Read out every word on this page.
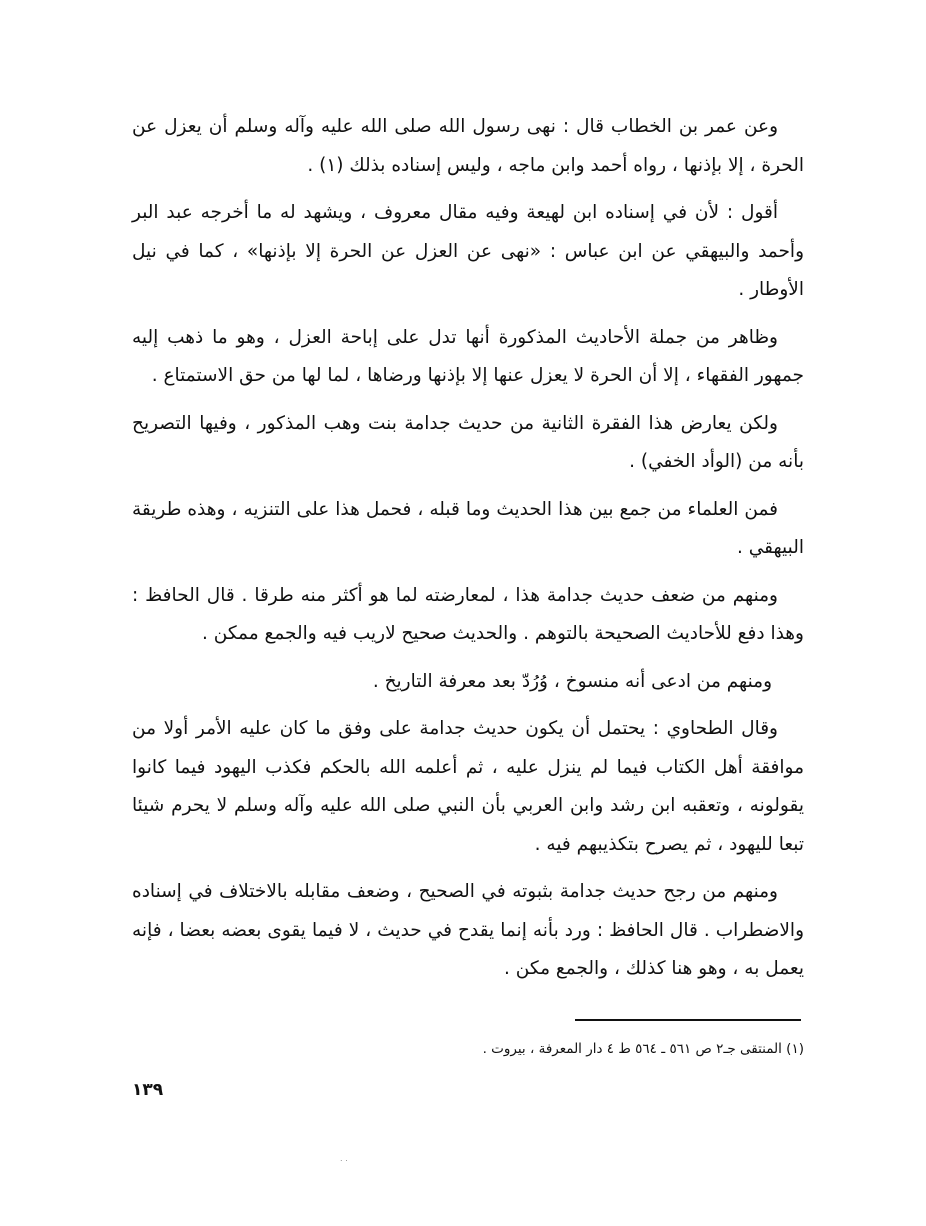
وعن عمر بن الخطاب قال : نهى رسول الله صلى الله عليه وآله وسلم أن يعزل عن الحرة ، إلا بإذنها ، رواه أحمد وابن ماجه ، وليس إسناده بذلك (١) .

أقول : لأن في إسناده ابن لهيعة وفيه مقال معروف ، ويشهد له ما أخرجه عبد البر وأحمد والبيهقي عن ابن عباس : «نهى عن العزل عن الحرة إلا بإذنها» ، كما في نيل الأوطار .

وظاهر من جملة الأحاديث المذكورة أنها تدل على إباحة العزل ، وهو ما ذهب إليه جمهور الفقهاء ، إلا أن الحرة لا يعزل عنها إلا بإذنها ورضاها ، لما لها من حق الاستمتاع .

ولكن يعارض هذا الفقرة الثانية من حديث جدامة بنت وهب المذكور ، وفيها التصريح بأنه من (الوأد الخفي) .

فمن العلماء من جمع بين هذا الحديث وما قبله ، فحمل هذا على التنزيه ، وهذه طريقة البيهقي .

ومنهم من ضعف حديث جدامة هذا ، لمعارضته لما هو أكثر منه طرقا . قال الحافظ : وهذا دفع للأحاديث الصحيحة بالتوهم . والحديث صحيح لاريب فيه والجمع ممكن .

ومنهم من ادعى أنه منسوخ ، وُرُدّ بعد معرفة التاريخ .

وقال الطحاوي : يحتمل أن يكون حديث جدامة على وفق ما كان عليه الأمر أولا من موافقة أهل الكتاب فيما لم ينزل عليه ، ثم أعلمه الله بالحكم فكذب اليهود فيما كانوا يقولونه ، وتعقبه ابن رشد وابن العربي بأن النبي صلى الله عليه وآله وسلم لا يحرم شيئا تبعا لليهود ، ثم يصرح بتكذيبهم فيه .

ومنهم من رجح حديث جدامة بثبوته في الصحيح ، وضعف مقابله بالاختلاف في إسناده والاضطراب . قال الحافظ : ورد بأنه إنما يقدح في حديث ، لا فيما يقوى بعضه بعضا ، فإنه يعمل به ، وهو هنا كذلك ، والجمع مكن .

(١) المنتقى جـ٢ ص ٥٦١ ـ ٥٦٤ ط ٤ دار المعرفة ، بيروت .
١٣٩
. .
